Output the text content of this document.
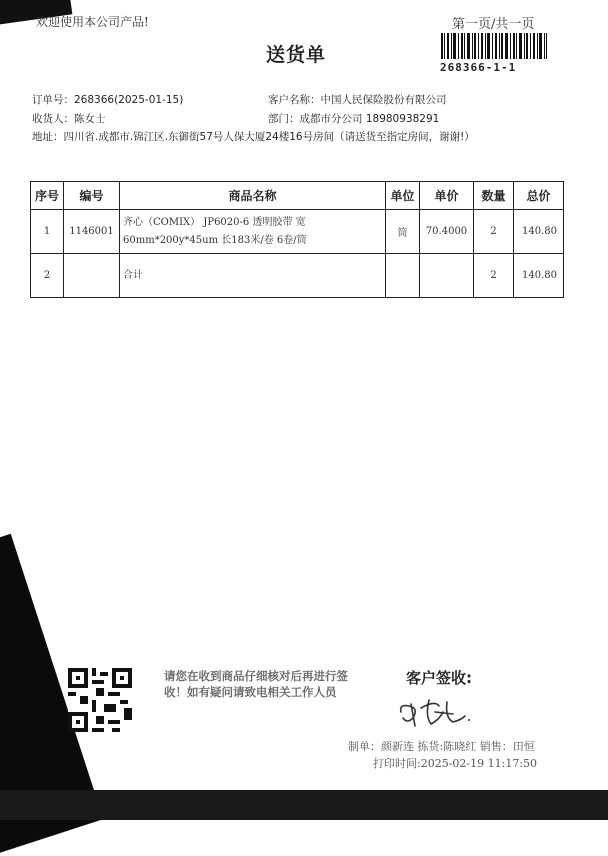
欢迎使用本公司产品!	第一页/共一页
送货单
268366-1-1
订单号：268366(2025-01-15)	客户名称：中国人民保险股份有限公司
收货人：陈女士	部门：成都市分公司 18980938291
地址：四川省.成都市.锦江区.东御街57号人保大厦24楼16号房间（请送货至指定房间，谢谢!）
序号	编号	商品名称	单位	单价	数量	总价
1	1146001	齐心（COMIX） JP6020-6 透明胶带 宽
60mm*200y*45um 长183米/卷 6卷/筒	筒	70.4000	2	140.80
2		合计			2	140.80
请您在收到商品仔细核对后再进行签
收！如有疑问请致电相关工作人员
客户签收:
制单：颜新连 拣货:陈晓红 销售：田恒
打印时间:2025-02-19 11:17:50
